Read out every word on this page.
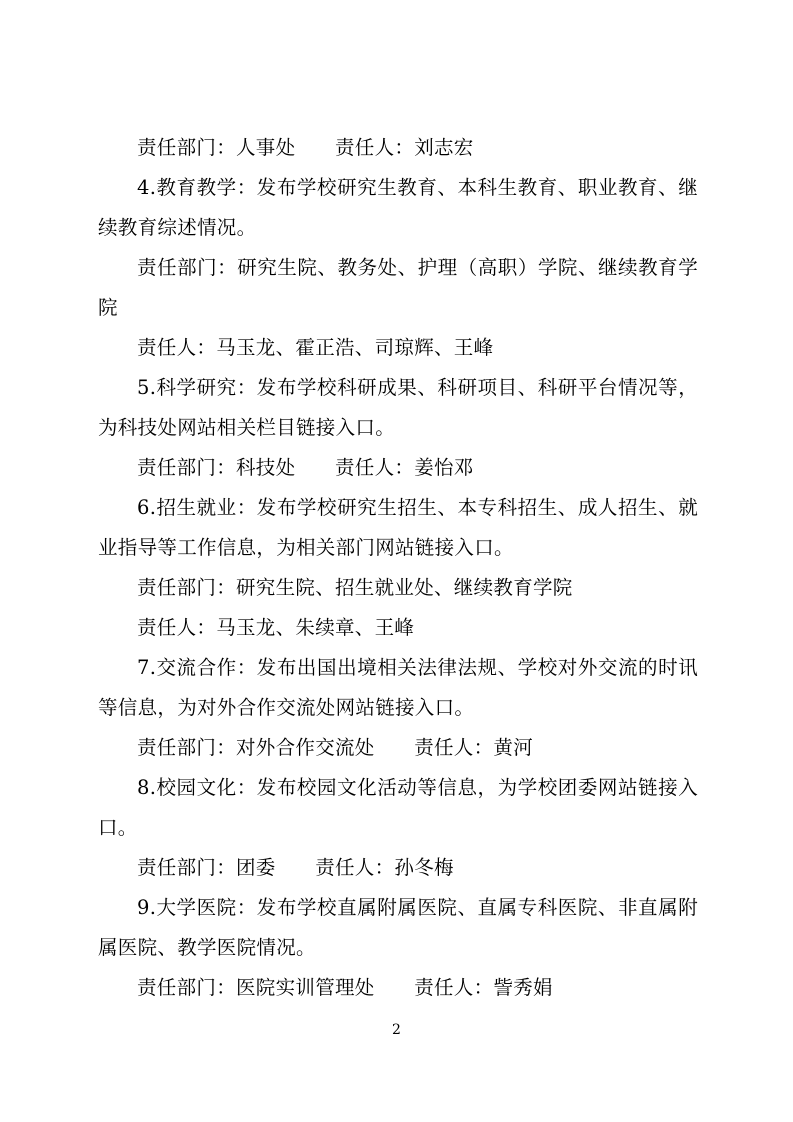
责任部门：人事处　　责任人：刘志宏

4.教育教学：发布学校研究生教育、本科生教育、职业教育、继续教育综述情况。

责任部门：研究生院、教务处、护理（高职）学院、继续教育学院

责任人：马玉龙、霍正浩、司琼辉、王峰

5.科学研究：发布学校科研成果、科研项目、科研平台情况等，为科技处网站相关栏目链接入口。

责任部门：科技处　　责任人：姜怡邓

6.招生就业：发布学校研究生招生、本专科招生、成人招生、就业指导等工作信息，为相关部门网站链接入口。

责任部门：研究生院、招生就业处、继续教育学院

责任人：马玉龙、朱续章、王峰

7.交流合作：发布出国出境相关法律法规、学校对外交流的时讯等信息，为对外合作交流处网站链接入口。

责任部门：对外合作交流处　　责任人：黄河

8.校园文化：发布校园文化活动等信息，为学校团委网站链接入口。

责任部门：团委　　责任人：孙冬梅

9.大学医院：发布学校直属附属医院、直属专科医院、非直属附属医院、教学医院情况。

责任部门：医院实训管理处　　责任人：訾秀娟

2
